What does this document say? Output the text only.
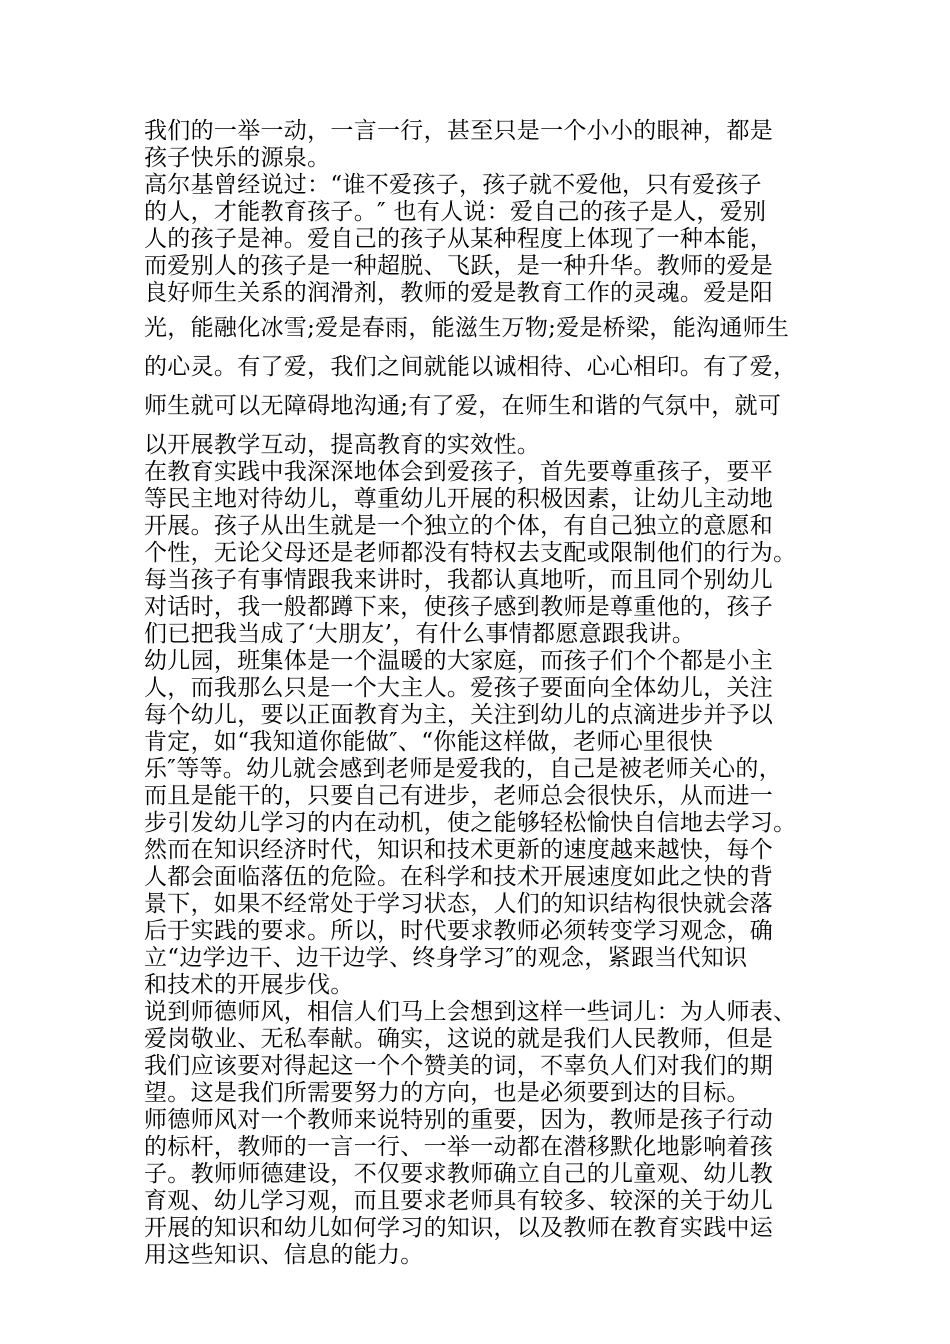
我们的一举一动，一言一行，甚至只是一个小小的眼神，都是
孩子快乐的源泉。
高尔基曾经说过：“谁不爱孩子，孩子就不爱他，只有爱孩子
的人，才能教育孩子。″ 也有人说：爱自己的孩子是人，爱别
人的孩子是神。爱自己的孩子从某种程度上体现了一种本能，
而爱别人的孩子是一种超脱、飞跃，是一种升华。教师的爱是
良好师生关系的润滑剂，教师的爱是教育工作的灵魂。爱是阳
光，能融化冰雪;爱是春雨，能滋生万物;爱是桥梁，能沟通师生
的心灵。有了爱，我们之间就能以诚相待、心心相印。有了爱，
师生就可以无障碍地沟通;有了爱，在师生和谐的气氛中，就可
以开展教学互动，提高教育的实效性。
在教育实践中我深深地体会到爱孩子，首先要尊重孩子，要平
等民主地对待幼儿，尊重幼儿开展的积极因素，让幼儿主动地
开展。孩子从出生就是一个独立的个体，有自己独立的意愿和
个性，无论父母还是老师都没有特权去支配或限制他们的行为。
每当孩子有事情跟我来讲时，我都认真地听，而且同个别幼儿
对话时，我一般都蹲下来，使孩子感到教师是尊重他的，孩子
们已把我当成了‘大朋友’，有什么事情都愿意跟我讲。
幼儿园，班集体是一个温暖的大家庭，而孩子们个个都是小主
人，而我那么只是一个大主人。爱孩子要面向全体幼儿，关注
每个幼儿，要以正面教育为主，关注到幼儿的点滴进步并予以
肯定，如“我知道你能做″、“你能这样做，老师心里很快
乐″等等。幼儿就会感到老师是爱我的，自己是被老师关心的，
而且是能干的，只要自己有进步，老师总会很快乐，从而进一
步引发幼儿学习的内在动机，使之能够轻松愉快自信地去学习。
然而在知识经济时代，知识和技术更新的速度越来越快，每个
人都会面临落伍的危险。在科学和技术开展速度如此之快的背
景下，如果不经常处于学习状态，人们的知识结构很快就会落
后于实践的要求。所以，时代要求教师必须转变学习观念，确
立“边学边干、边干边学、终身学习″的观念，紧跟当代知识
和技术的开展步伐。
说到师德师风，相信人们马上会想到这样一些词儿：为人师表、
爱岗敬业、无私奉献。确实，这说的就是我们人民教师，但是
我们应该要对得起这一个个赞美的词，不辜负人们对我们的期
望。这是我们所需要努力的方向，也是必须要到达的目标。
师德师风对一个教师来说特别的重要，因为，教师是孩子行动
的标杆，教师的一言一行、一举一动都在潜移默化地影响着孩
子。教师师德建设，不仅要求教师确立自己的儿童观、幼儿教
育观、幼儿学习观，而且要求老师具有较多、较深的关于幼儿
开展的知识和幼儿如何学习的知识，以及教师在教育实践中运
用这些知识、信息的能力。
